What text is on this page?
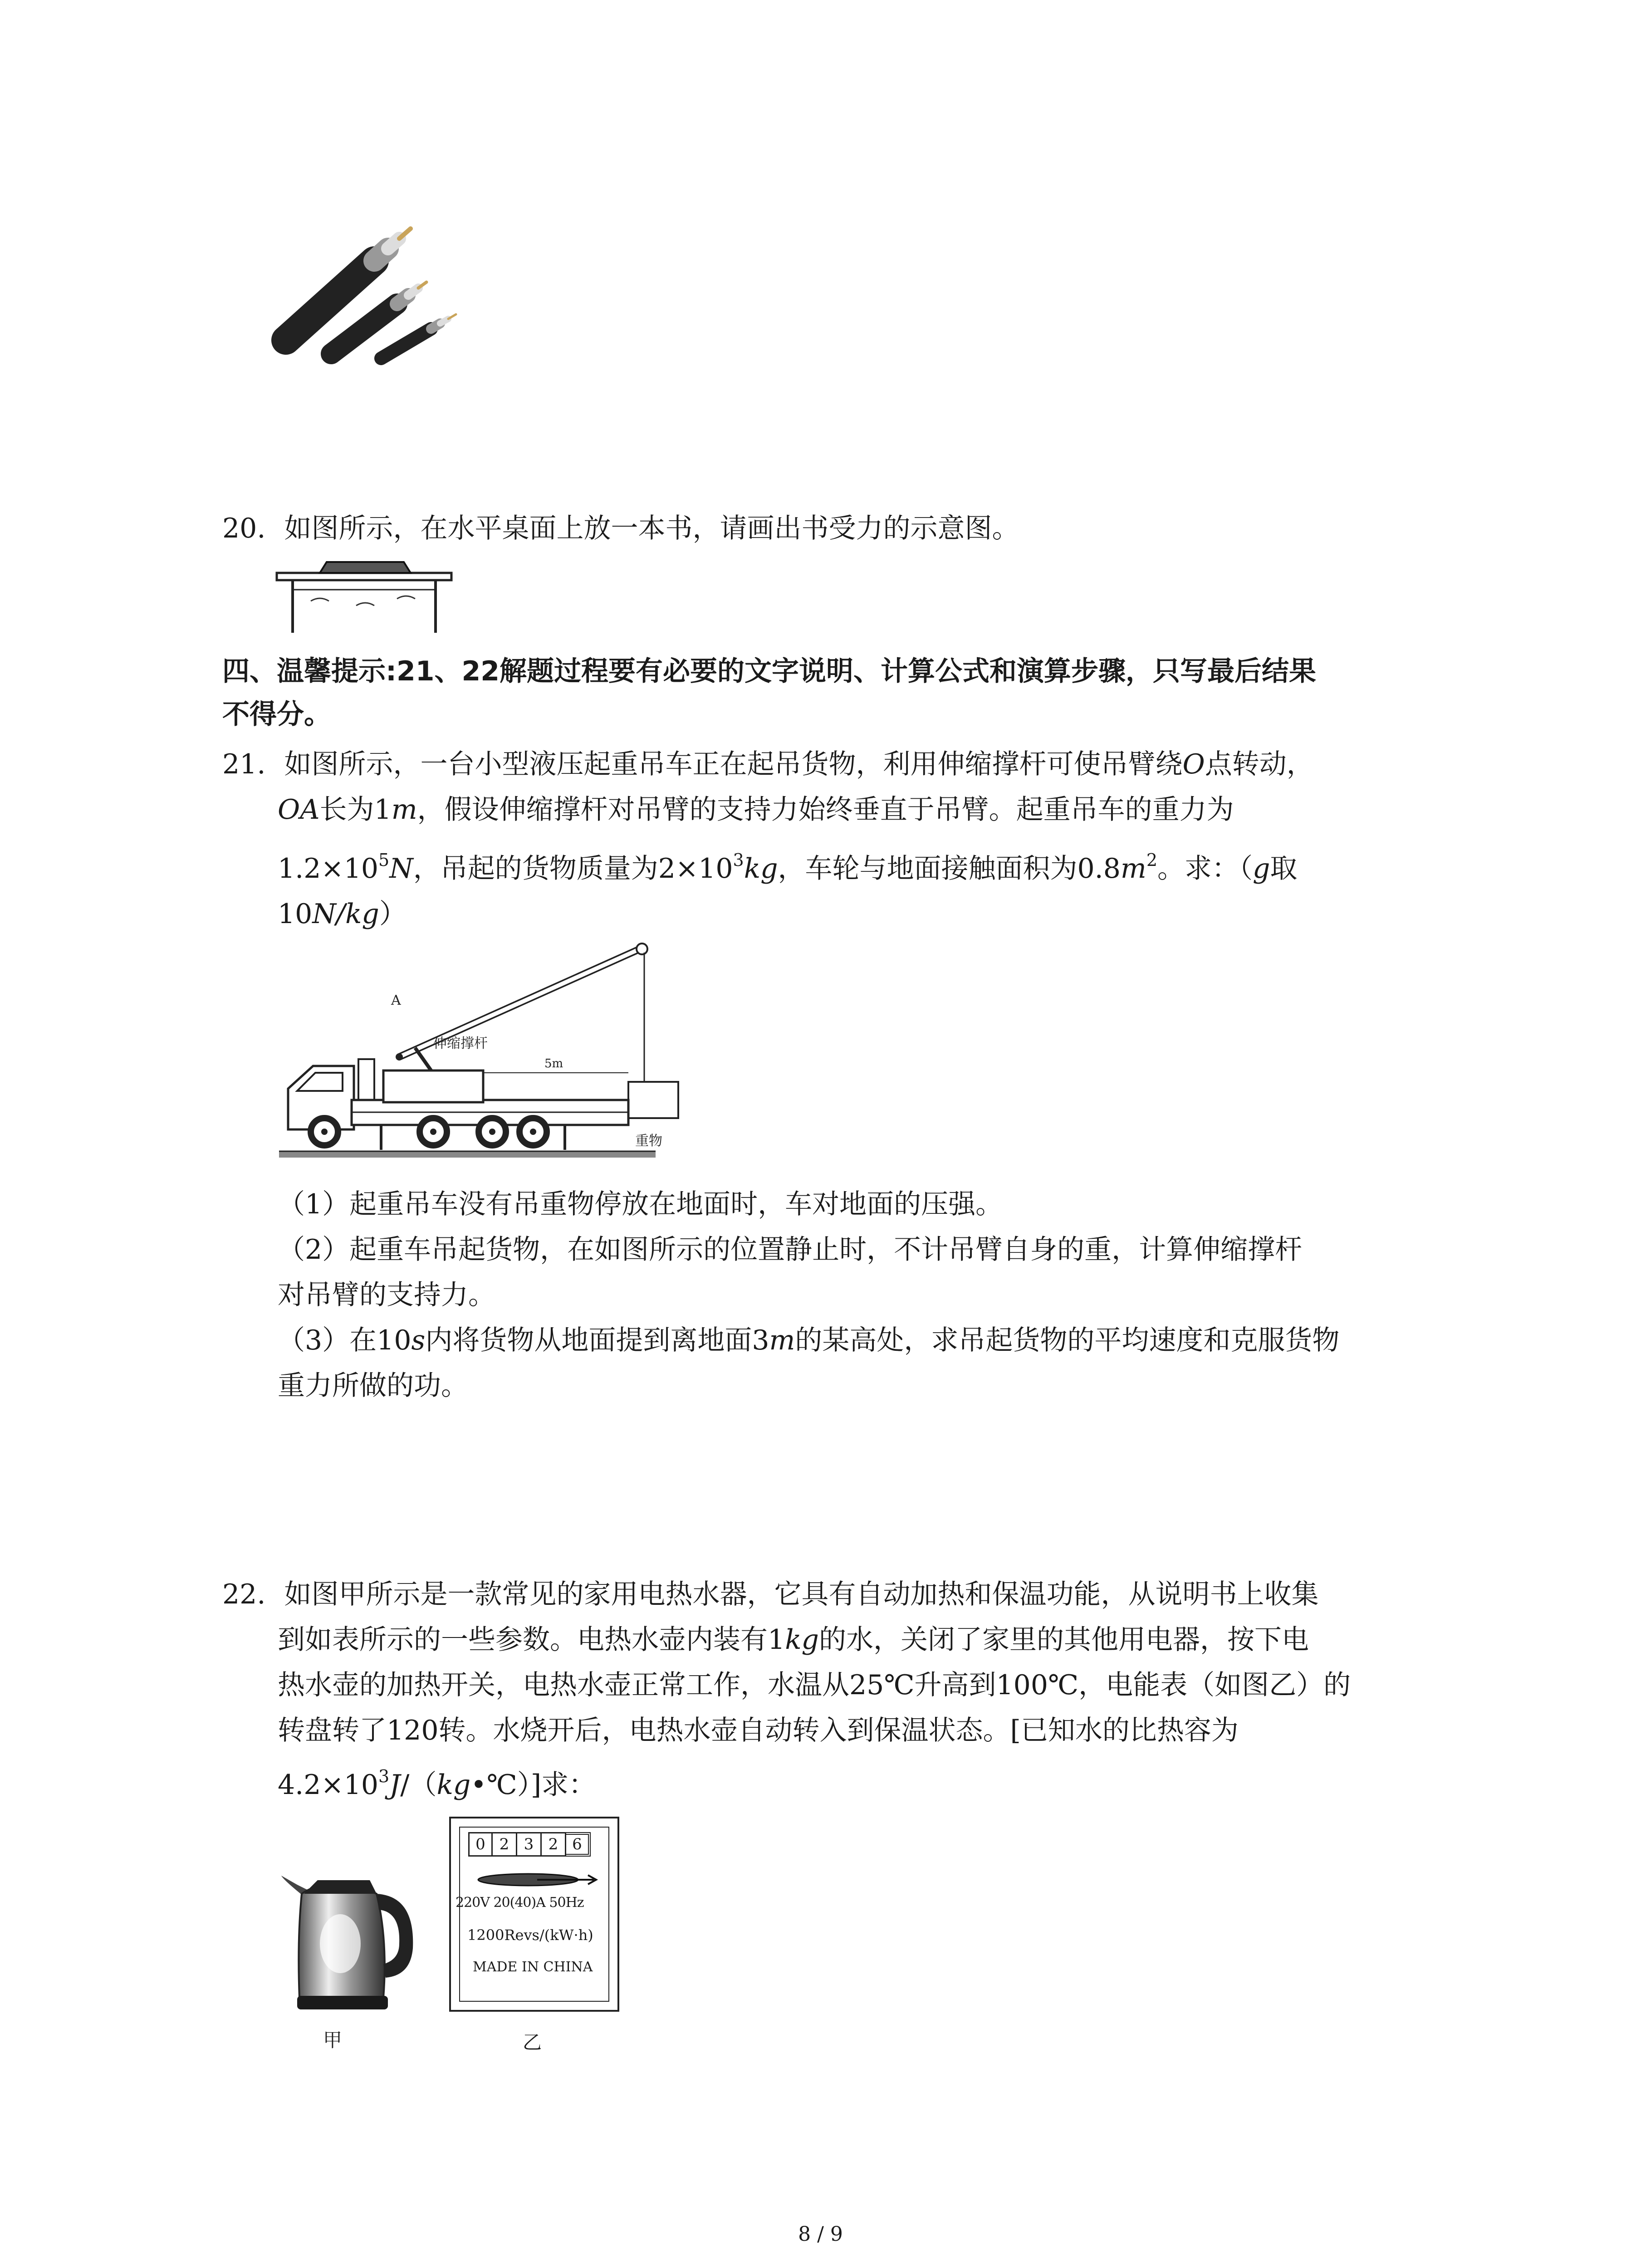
20. 如图所示，在水平桌面上放一本书，请画出书受力的示意图。
四、温馨提示:21、22解题过程要有必要的文字说明、计算公式和演算步骤，只写最后结果
不得分。
21. 如图所示，一台小型液压起重吊车正在起吊货物，利用伸缩撑杆可使吊臂绕O点转动，
OA长为1m，假设伸缩撑杆对吊臂的支持力始终垂直于吊臂。起重吊车的重力为
$1.2\times 10^5N$，吊起的货物质量为$2\times 10^3kg$，车轮与地面接触面积为$0.8m^2$。求：（g取
10N/kg）
A
伸缩撑杆
5m
重物
（1）起重吊车没有吊重物停放在地面时，车对地面的压强。
（2）起重车吊起货物，在如图所示的位置静止时，不计吊臂自身的重，计算伸缩撑杆
对吊臂的支持力。
（3）在10s内将货物从地面提到离地面3m的某高处，求吊起货物的平均速度和克服货物
重力所做的功。
22. 如图甲所示是一款常见的家用电热水器，它具有自动加热和保温功能，从说明书上收集
到如表所示的一些参数。电热水壶内装有1kg的水，关闭了家里的其他用电器，按下电
热水壶的加热开关，电热水壶正常工作，水温从25℃升高到100℃，电能表（如图乙）的
转盘转了120转。水烧开后，电热水壶自动转入到保温状态。[已知水的比热容为
$4.2\times 10^3J/(kg•℃)$]求：
甲
0 2 3 2 6
220V 20(40)A 50Hz
1200Revs/(kW·h)
MADE IN CHINA
乙
8 / 9
